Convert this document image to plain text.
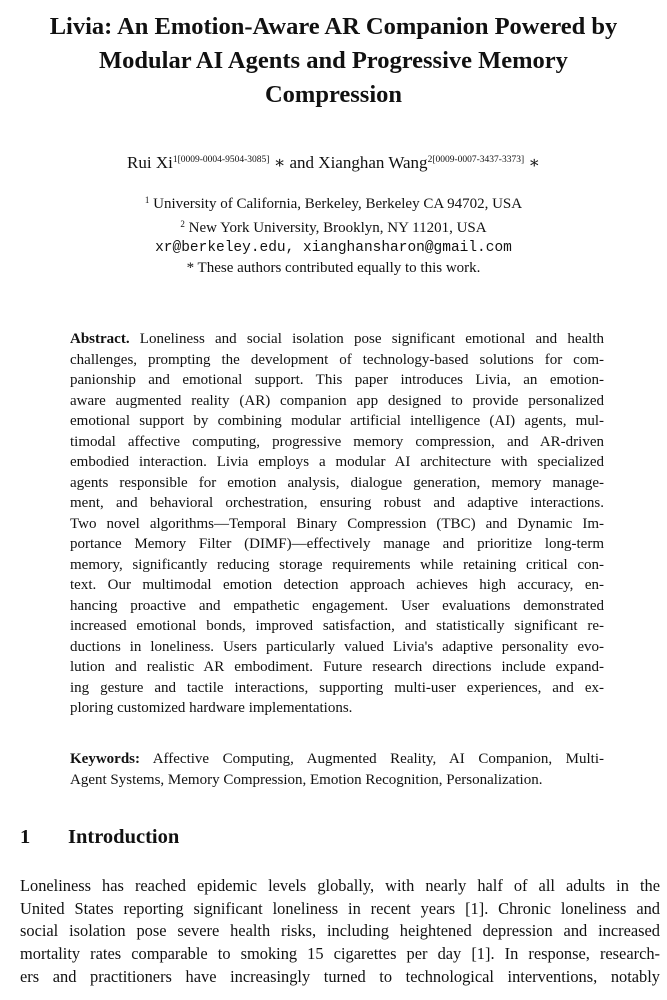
Livia: An Emotion-Aware AR Companion Powered by
Modular AI Agents and Progressive Memory
Compression
Rui $Xi^{1[0009-0004-9504-3085]}$ ∗ and Xianghan Wang$^{2[0009-0007-3437-3373]}$ ∗
$^1$ University of California, Berkeley, Berkeley CA 94702, USA
$^2$ New York University, Brooklyn, NY 11201, USA
xr@berkeley.edu, xianghansharon@gmail.com
* These authors contributed equally to this work.
Abstract. Loneliness and social isolation pose significant emotional and health
challenges, prompting the development of technology-based solutions for com-
panionship and emotional support. This paper introduces Livia, an emotion-
aware augmented reality (AR) companion app designed to provide personalized
emotional support by combining modular artificial intelligence (AI) agents, mul-
timodal affective computing, progressive memory compression, and AR-driven
embodied interaction. Livia employs a modular AI architecture with specialized
agents responsible for emotion analysis, dialogue generation, memory manage-
ment, and behavioral orchestration, ensuring robust and adaptive interactions.
Two novel algorithms—Temporal Binary Compression (TBC) and Dynamic Im-
portance Memory Filter (DIMF)—effectively manage and prioritize long-term
memory, significantly reducing storage requirements while retaining critical con-
text. Our multimodal emotion detection approach achieves high accuracy, en-
hancing proactive and empathetic engagement. User evaluations demonstrated
increased emotional bonds, improved satisfaction, and statistically significant re-
ductions in loneliness. Users particularly valued Livia's adaptive personality evo-
lution and realistic AR embodiment. Future research directions include expand-
ing gesture and tactile interactions, supporting multi-user experiences, and ex-
ploring customized hardware implementations.
Keywords: Affective Computing, Augmented Reality, AI Companion, Multi-
Agent Systems, Memory Compression, Emotion Recognition, Personalization.
1 Introduction
Loneliness has reached epidemic levels globally, with nearly half of all adults in the
United States reporting significant loneliness in recent years [1]. Chronic loneliness and
social isolation pose severe health risks, including heightened depression and increased
mortality rates comparable to smoking 15 cigarettes per day [1]. In response, research-
ers and practitioners have increasingly turned to technological interventions, notably
